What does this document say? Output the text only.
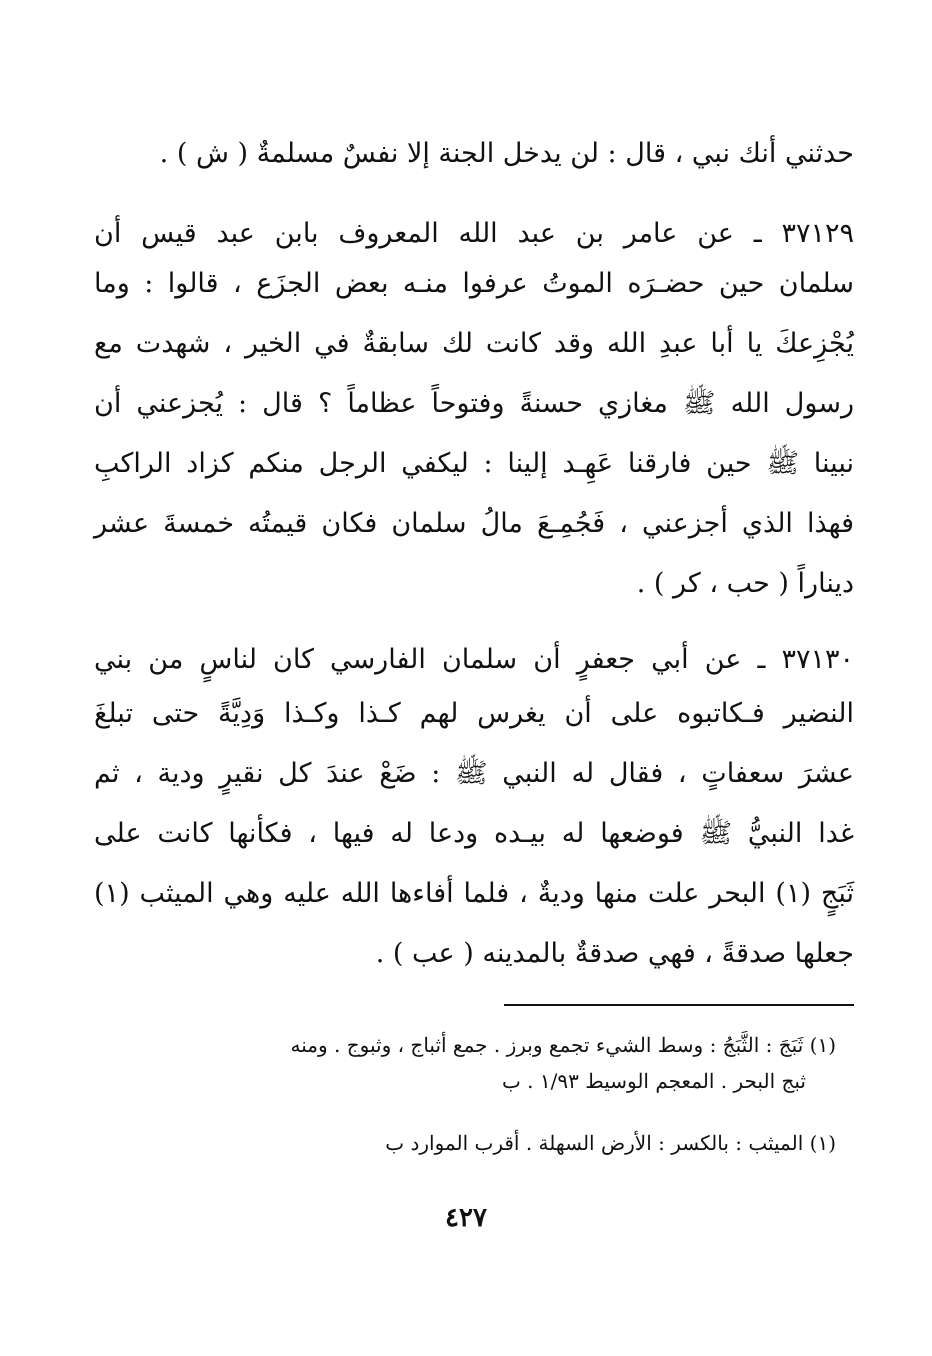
حدثني أنك نبي ، قال : لن يدخل الجنة إلا نفسٌ مسلمةٌ ( ش ) .
٣٧١٢٩ ـ عن عامر بن عبد الله المعروف بابن عبد قيس أن
سلمان حين حضـرَه الموتُ عرفوا منـه بعض الجزَع ، قالوا : وما
يُجْزِعكَ يا أبا عبدِ الله وقد كانت لك سابقةٌ في الخير ، شهدت مع
رسول الله ﷺ مغازي حسنةً وفتوحاً عظاماً ؟ قال : يُجزعني أن
نبينا ﷺ حين فارقنا عَهِـد إلينا : ليكفي الرجل منكم كزاد الراكبِ
فهذا الذي أجزعني ، فَجُمِـعَ مالُ سلمان فكان قيمتُه خمسةَ عشر
ديناراً ( حب ، كر ) .
٣٧١٣٠ ـ عن أبي جعفرٍ أن سلمان الفارسي كان لناسٍ من بني
النضير فـكاتبوه على أن يغرس لهم كـذا وكـذا وَدِيَّةً حتى تبلغَ
عشرَ سعفاتٍ ، فقال له النبي ﷺ : ضَعْ عندَ كل نقيرٍ ودية ، ثم
غدا النبيُّ ﷺ فوضعها له بيـده ودعا له فيها ، فكأنها كانت على
ثَبَجٍ (١) البحر علت منها وديةٌ ، فلما أفاءها الله عليه وهي الميثب (١)
جعلها صدقةً ، فهي صدقةٌ بالمدينه ( عب ) .
(١) ثَبَجَ : الثَّبَجُ : وسط الشيء تجمع وبرز . جمع أثباج ، وثبوج . ومنه
ثبج البحر . المعجم الوسيط ١/٩٣ . ب
(١) الميثب : بالكسر : الأرض السهلة . أقرب الموارد ب
٤٢٧
